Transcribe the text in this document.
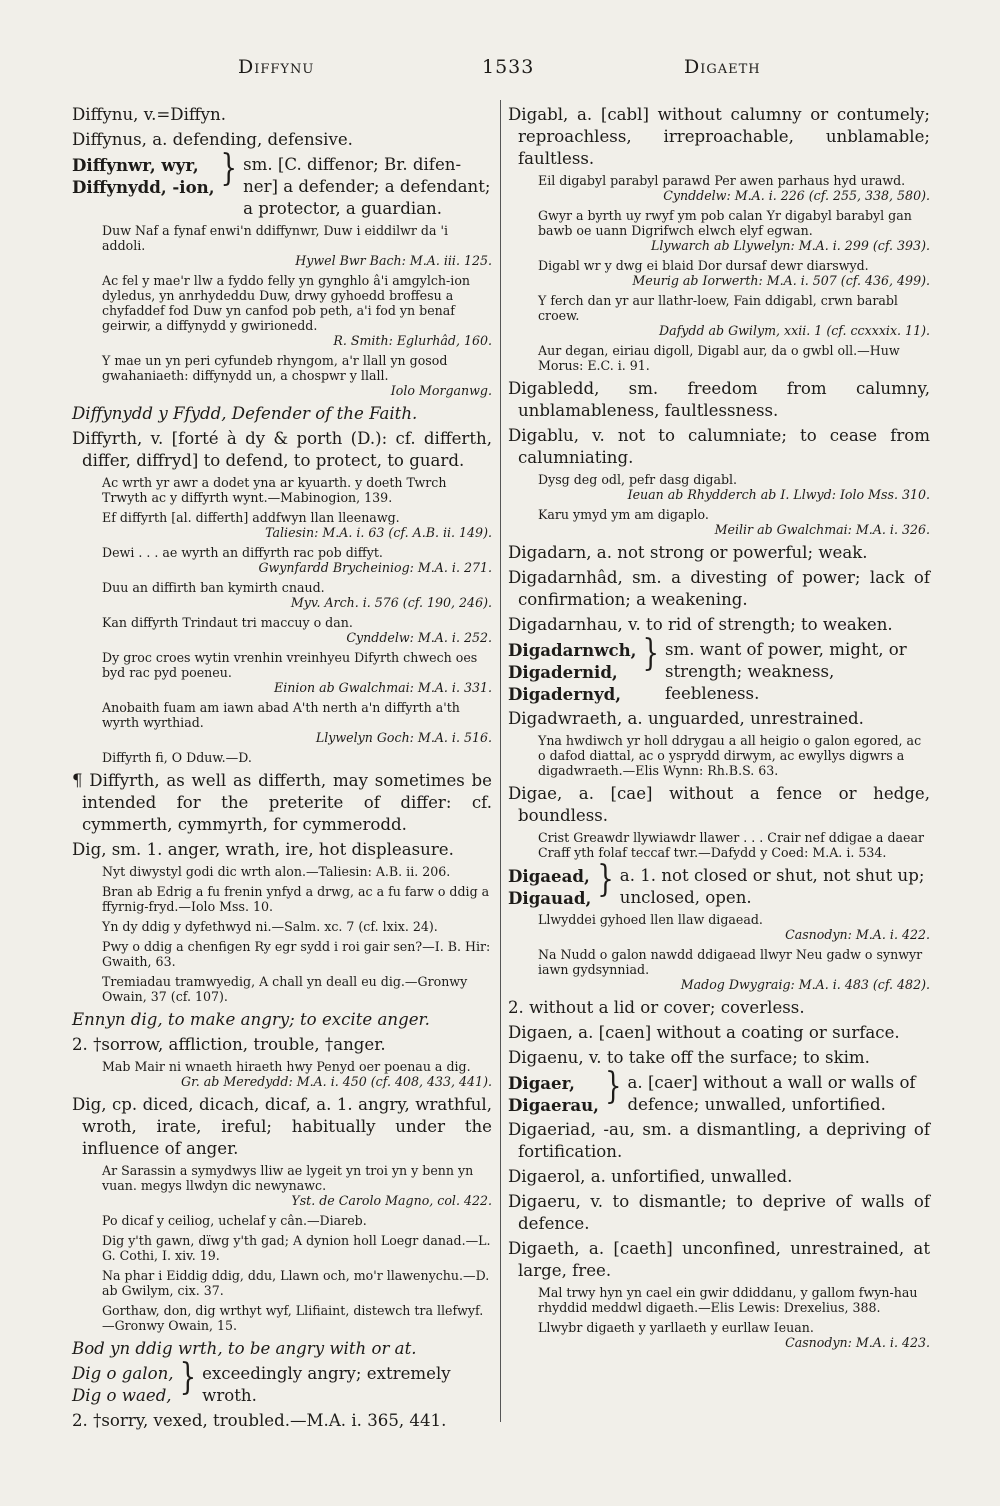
Diffynu	1533	Digaeth

Diffynu, v.=Diffyn.

Diffynus, a. defending, defensive.

Diffynwr, wyr,
Diffynydd, -ion, } sm. [C. diffenor; Br. difen-ner] a defender; a defendant; a protector, a guardian.
Duw Naf a fynaf enwi'n ddiffynwr, Duw i eiddilwr da 'i addoli.
Hywel Bwr Bach: M.A. iii. 125.
Ac fel y mae'r llw a fyddo felly yn gynghlo â'i amgylch-ion dyledus, yn anrhydeddu Duw, drwy gyhoedd broffesu a chyfaddef fod Duw yn canfod pob peth, a'i fod yn benaf geirwir, a diffynydd y gwirionedd.
R. Smith: Eglurhâd, 160.
Y mae un yn peri cyfundeb rhyngom, a'r llall yn gosod gwahaniaeth: diffynydd un, a chospwr y llall.
Iolo Morganwg.

Diffynydd y Ffydd, Defender of the Faith.

Diffyrth, v. [forté à dy & porth (D.): cf. differth, differ, diffryd] to defend, to protect, to guard.

Ac wrth yr awr a dodet yna ar kyuarth. y doeth Twrch Trwyth ac y diffyrth wynt.—Mabinogion, 139.
Ef diffyrth [al. differth] addfwyn llan lleenawg.
Taliesin: M.A. i. 63 (cf. A.B. ii. 149).
Dewi . . . ae wyrth an diffyrth rac pob diffyt.
Gwynfardd Brycheiniog: M.A. i. 271.
Duu an diffirth ban kymirth cnaud.
Myv. Arch. i. 576 (cf. 190, 246).
Kan diffyrth Trindaut tri maccuy o dan.
Cynddelw: M.A. i. 252.
Dy groc croes wytin vrenhin vreinhyeu Difyrth chwech oes byd rac pyd poeneu.
Einion ab Gwalchmai: M.A. i. 331.
Anobaith fuam am iawn abad A'th nerth a'n diffyrth a'th wyrth wyrthiad.
Llywelyn Goch: M.A. i. 516.
Diffyrth fi, O Dduw.—D.

¶ Diffyrth, as well as differth, may sometimes be intended for the preterite of differ: cf. cymmerth, cymmyrth, for cymmerodd.

Dig, sm. 1. anger, wrath, ire, hot displeasure.

Nyt diwystyl godi dic wrth alon.—Taliesin: A.B. ii. 206.
Bran ab Edrig a fu frenin ynfyd a drwg, ac a fu farw o ddig a ffyrnig-fryd.—Iolo Mss. 10.
Yn dy ddig y dyfethwyd ni.—Salm. xc. 7 (cf. lxix. 24).
Pwy o ddig a chenfigen Ry egr sydd i roi gair sen?—I. B. Hir: Gwaith, 63.
Tremiadau tramwyedig, A chall yn deall eu dig.—Gronwy Owain, 37 (cf. 107).

Ennyn dig, to make angry; to excite anger.

2. †sorrow, affliction, trouble, †anger.

Mab Mair ni wnaeth hiraeth hwy Penyd oer poenau a dig.
Gr. ab Meredydd: M.A. i. 450 (cf. 408, 433, 441).

Dig, cp. diced, dicach, dicaf, a. 1. angry, wrathful, wroth, irate, ireful; habitually under the influence of anger.

Ar Sarassin a symydwys lliw ae lygeit yn troi yn y benn yn vuan. megys llwdyn dic newynawc.
Yst. de Carolo Magno, col. 422.
Po dicaf y ceiliog, uchelaf y cân.—Diareb.
Dig y'th gawn, dïwg y'th gad; A dynion holl Loegr danad.—L. G. Cothi, I. xiv. 19.
Na phar i Eiddig ddig, ddu, Llawn och, mo'r llawenychu.—D. ab Gwilym, cix. 37.
Gorthaw, don, dig wrthyt wyf, Llifiaint, distewch tra llefwyf.—Gronwy Owain, 15.

Bod yn ddig wrth, to be angry with or at.

Dig o galon,
Dig o waed, } exceedingly angry; extremely wroth.

2. †sorry, vexed, troubled.—M.A. i. 365, 441.

Digabl, a. [cabl] without calumny or contumely; reproachless, irreproachable, unblamable; faultless.

Eil digabyl parabyl parawd Per awen parhaus hyd urawd.
Cynddelw: M.A. i. 226 (cf. 255, 338, 580).
Gwyr a byrth uy rwyf ym pob calan Yr digabyl barabyl gan bawb oe uann Digrifwch elwch elyf egwan.
Llywarch ab Llywelyn: M.A. i. 299 (cf. 393).
Digabl wr y dwg ei blaid Dor dursaf dewr diarswyd.
Meurig ab Iorwerth: M.A. i. 507 (cf. 436, 499).
Y ferch dan yr aur llathr-loew, Fain ddigabl, crwn barabl croew.
Dafydd ab Gwilym, xxii. 1 (cf. ccxxxix. 11).
Aur degan, eiriau digoll, Digabl aur, da o gwbl oll.—Huw Morus: E.C. i. 91.

Digabledd, sm. freedom from calumny, unblamableness, faultlessness.

Digablu, v. not to calumniate; to cease from calumniating.

Dysg deg odl, pefr dasg digabl.
Ieuan ab Rhydderch ab I. Llwyd: Iolo Mss. 310.
Karu ymyd ym am digaplo.
Meilir ab Gwalchmai: M.A. i. 326.

Digadarn, a. not strong or powerful; weak.

Digadarnhâd, sm. a divesting of power; lack of confirmation; a weakening.

Digadarnhau, v. to rid of strength; to weaken.

Digadarnwch,
Digadernid,
Digadernyd,
} sm. want of power, might, or strength; weakness, feebleness.

Digadwraeth, a. unguarded, unrestrained.

Yna hwdiwch yr holl ddrygau a all heigio o galon egored, ac o dafod diattal, ac o ysprydd dirwym, ac ewyllys digwrs a digadwraeth.—Elis Wynn: Rh.B.S. 63.

Digae, a. [cae] without a fence or hedge, boundless.

Crist Greawdr llywiawdr llawer . . . Crair nef ddigae a daear Craff yth folaf teccaf twr.—Dafydd y Coed: M.A. i. 534.
Digaead,
Digauad, } a. 1. not closed or shut, not shut up; unclosed, open.
Llwyddei gyhoed llen llaw digaead.
Casnodyn: M.A. i. 422.
Na Nudd o galon nawdd ddigaead llwyr Neu gadw o synwyr iawn gydsynniad.
Madog Dwygraig: M.A. i. 483 (cf. 482).

2. without a lid or cover; coverless.

Digaen, a. [caen] without a coating or surface.

Digaenu, v. to take off the surface; to skim.

Digaer,
Digaerau, } a. [caer] without a wall or walls of defence; unwalled, unfortified.

Digaeriad, -au, sm. a dismantling, a depriving of fortification.

Digaerol, a. unfortified, unwalled.

Digaeru, v. to dismantle; to deprive of walls of defence.

Digaeth, a. [caeth] unconfined, unrestrained, at large, free.

Mal trwy hyn yn cael ein gwir ddiddanu, y gallom fwyn-hau rhyddid meddwl digaeth.—Elis Lewis: Drexelius, 388.
Llwybr digaeth y yarllaeth y eurllaw Ieuan.
Casnodyn: M.A. i. 423.
